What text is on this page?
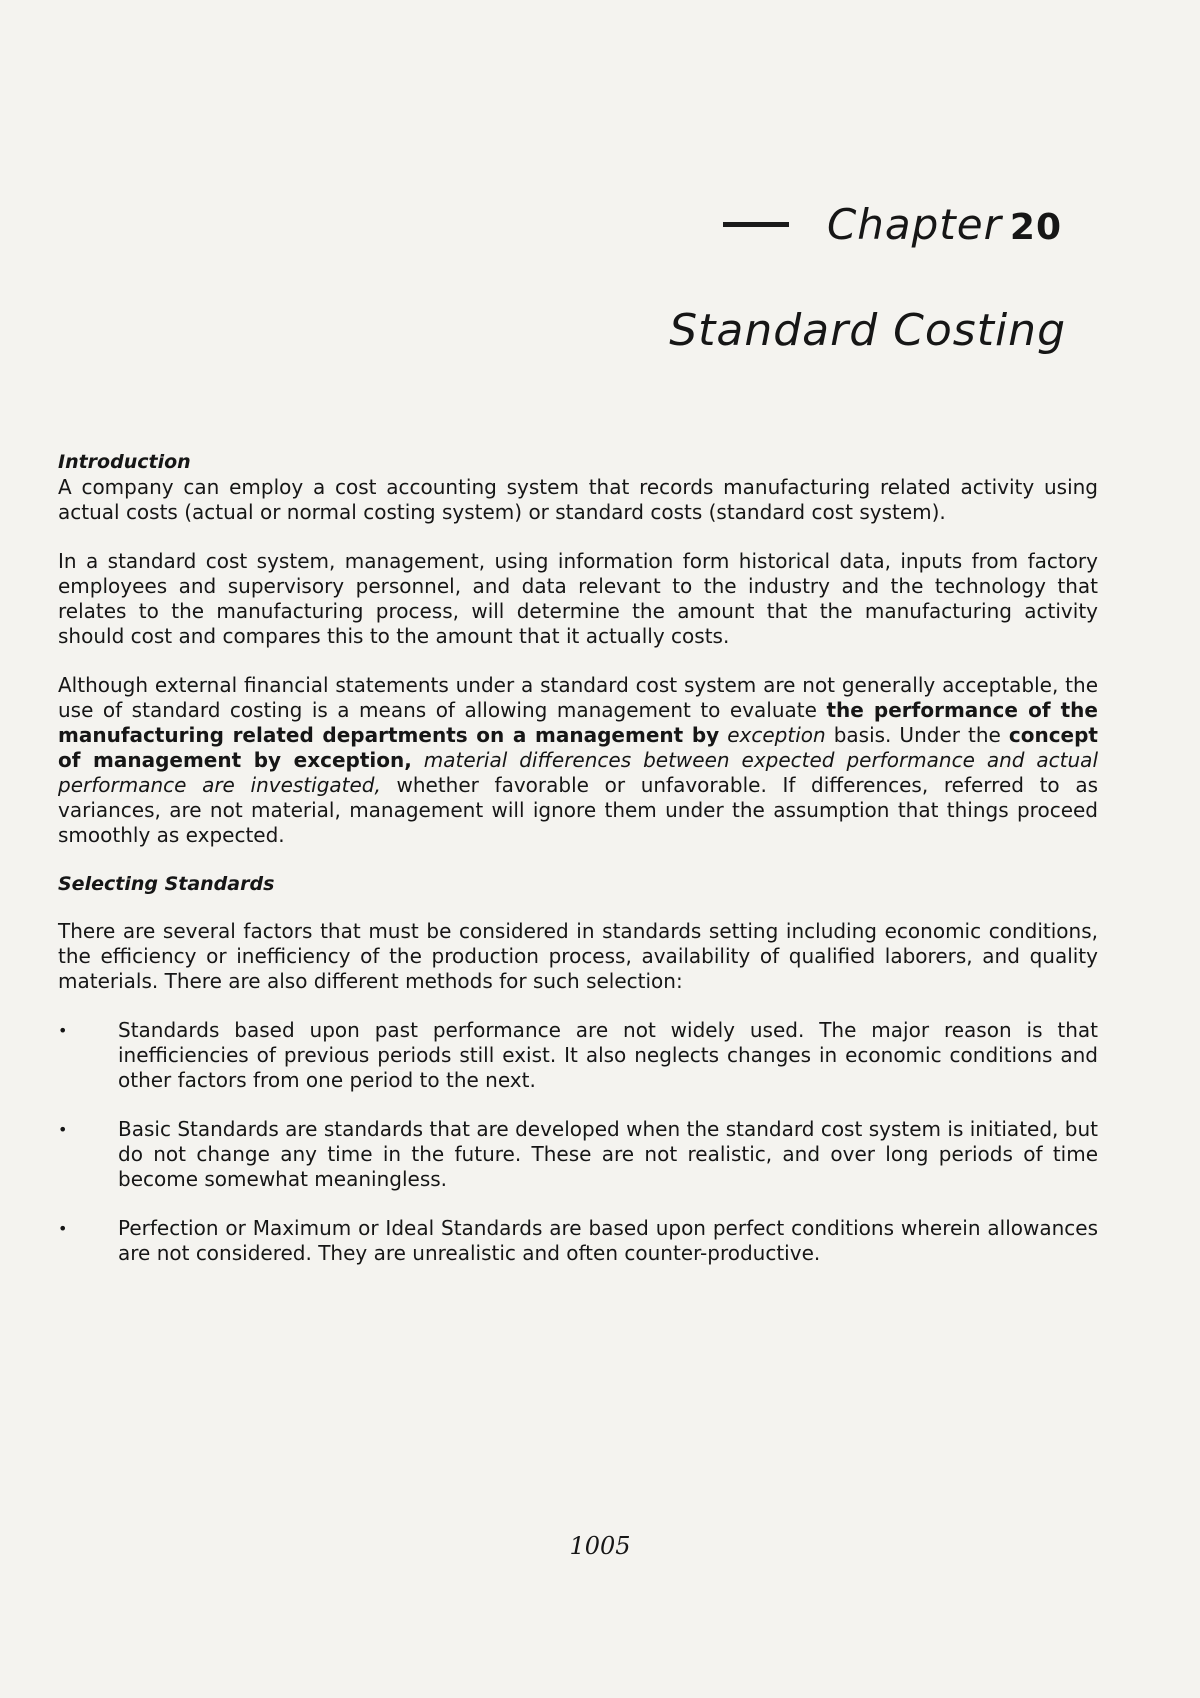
Chapter 20
Standard Costing

Introduction

A company can employ a cost accounting system that records manufacturing related activity using actual costs (actual or normal costing system) or standard costs (standard cost system).

In a standard cost system, management, using information form historical data, inputs from factory employees and supervisory personnel, and data relevant to the industry and the technology that relates to the manufacturing process, will determine the amount that the manufacturing activity should cost and compares this to the amount that it actually costs.

Although external financial statements under a standard cost system are not generally acceptable, the use of standard costing is a means of allowing management to evaluate the performance of the manufacturing related departments on a management by exception basis. Under the concept of management by exception, material differences between expected performance and actual performance are investigated, whether favorable or unfavorable. If differences, referred to as variances, are not material, management will ignore them under the assumption that things proceed smoothly as expected.

Selecting Standards

There are several factors that must be considered in standards setting including economic conditions, the efficiency or inefficiency of the production process, availability of qualified laborers, and quality materials. There are also different methods for such selection:

•	Standards based upon past performance are not widely used. The major reason is that inefficiencies of previous periods still exist. It also neglects changes in economic conditions and other factors from one period to the next.
•	Basic Standards are standards that are developed when the standard cost system is initiated, but do not change any time in the future. These are not realistic, and over long periods of time become somewhat meaningless.
•	Perfection or Maximum or Ideal Standards are based upon perfect conditions wherein allowances are not considered. They are unrealistic and often counter-productive.
1005
